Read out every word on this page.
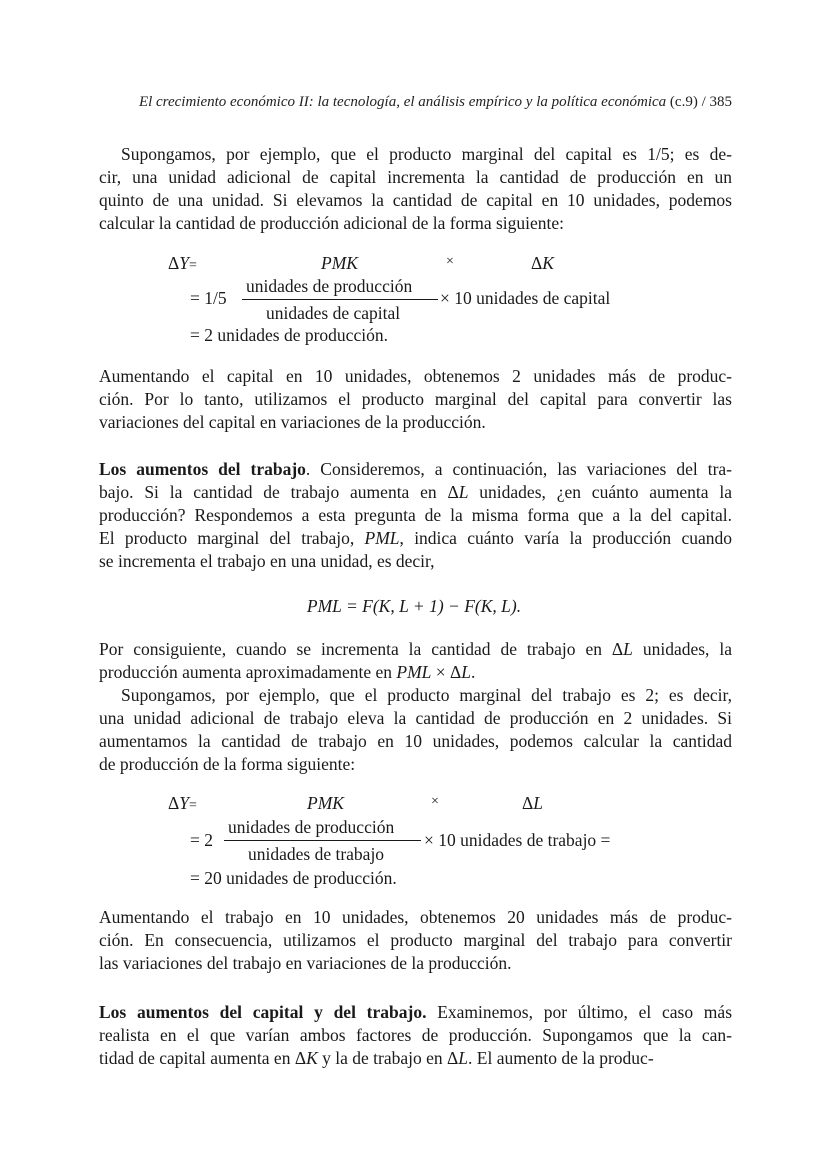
El crecimiento económico II: la tecnología, el análisis empírico y la política económica (c.9) / 385
Supongamos, por ejemplo, que el producto marginal del capital es 1/5; es de-
cir, una unidad adicional de capital incrementa la cantidad de producción en un
quinto de una unidad. Si elevamos la cantidad de capital en 10 unidades, podemos
calcular la cantidad de producción adicional de la forma siguiente:
Aumentando el capital en 10 unidades, obtenemos 2 unidades más de produc-
ción. Por lo tanto, utilizamos el producto marginal del capital para convertir las
variaciones del capital en variaciones de la producción.
Los aumentos del trabajo. Consideremos, a continuación, las variaciones del tra-
bajo. Si la cantidad de trabajo aumenta en ΔL unidades, ¿en cuánto aumenta la
producción? Respondemos a esta pregunta de la misma forma que a la del capital.
El producto marginal del trabajo, PML, indica cuánto varía la producción cuando
se incrementa el trabajo en una unidad, es decir,
Por consiguiente, cuando se incrementa la cantidad de trabajo en ΔL unidades, la
producción aumenta aproximadamente en PML × ΔL.
Supongamos, por ejemplo, que el producto marginal del trabajo es 2; es decir,
una unidad adicional de trabajo eleva la cantidad de producción en 2 unidades. Si
aumentamos la cantidad de trabajo en 10 unidades, podemos calcular la cantidad
de producción de la forma siguiente:
Aumentando el trabajo en 10 unidades, obtenemos 20 unidades más de produc-
ción. En consecuencia, utilizamos el producto marginal del trabajo para convertir
las variaciones del trabajo en variaciones de la producción.
Los aumentos del capital y del trabajo. Examinemos, por último, el caso más
realista en el que varían ambos factores de producción. Supongamos que la can-
tidad de capital aumenta en ΔK y la de trabajo en ΔL. El aumento de la produc-
ΔY=	PMK	×	ΔK
= 1/5
unidades de producción
unidades de capital
× 10 unidades de capital
= 2 unidades de producción.
PML = F(K, L + 1) − F(K, L).
ΔY=	PMK	×	ΔL
= 2
unidades de producción
unidades de trabajo
× 10 unidades de trabajo =
= 20 unidades de producción.
